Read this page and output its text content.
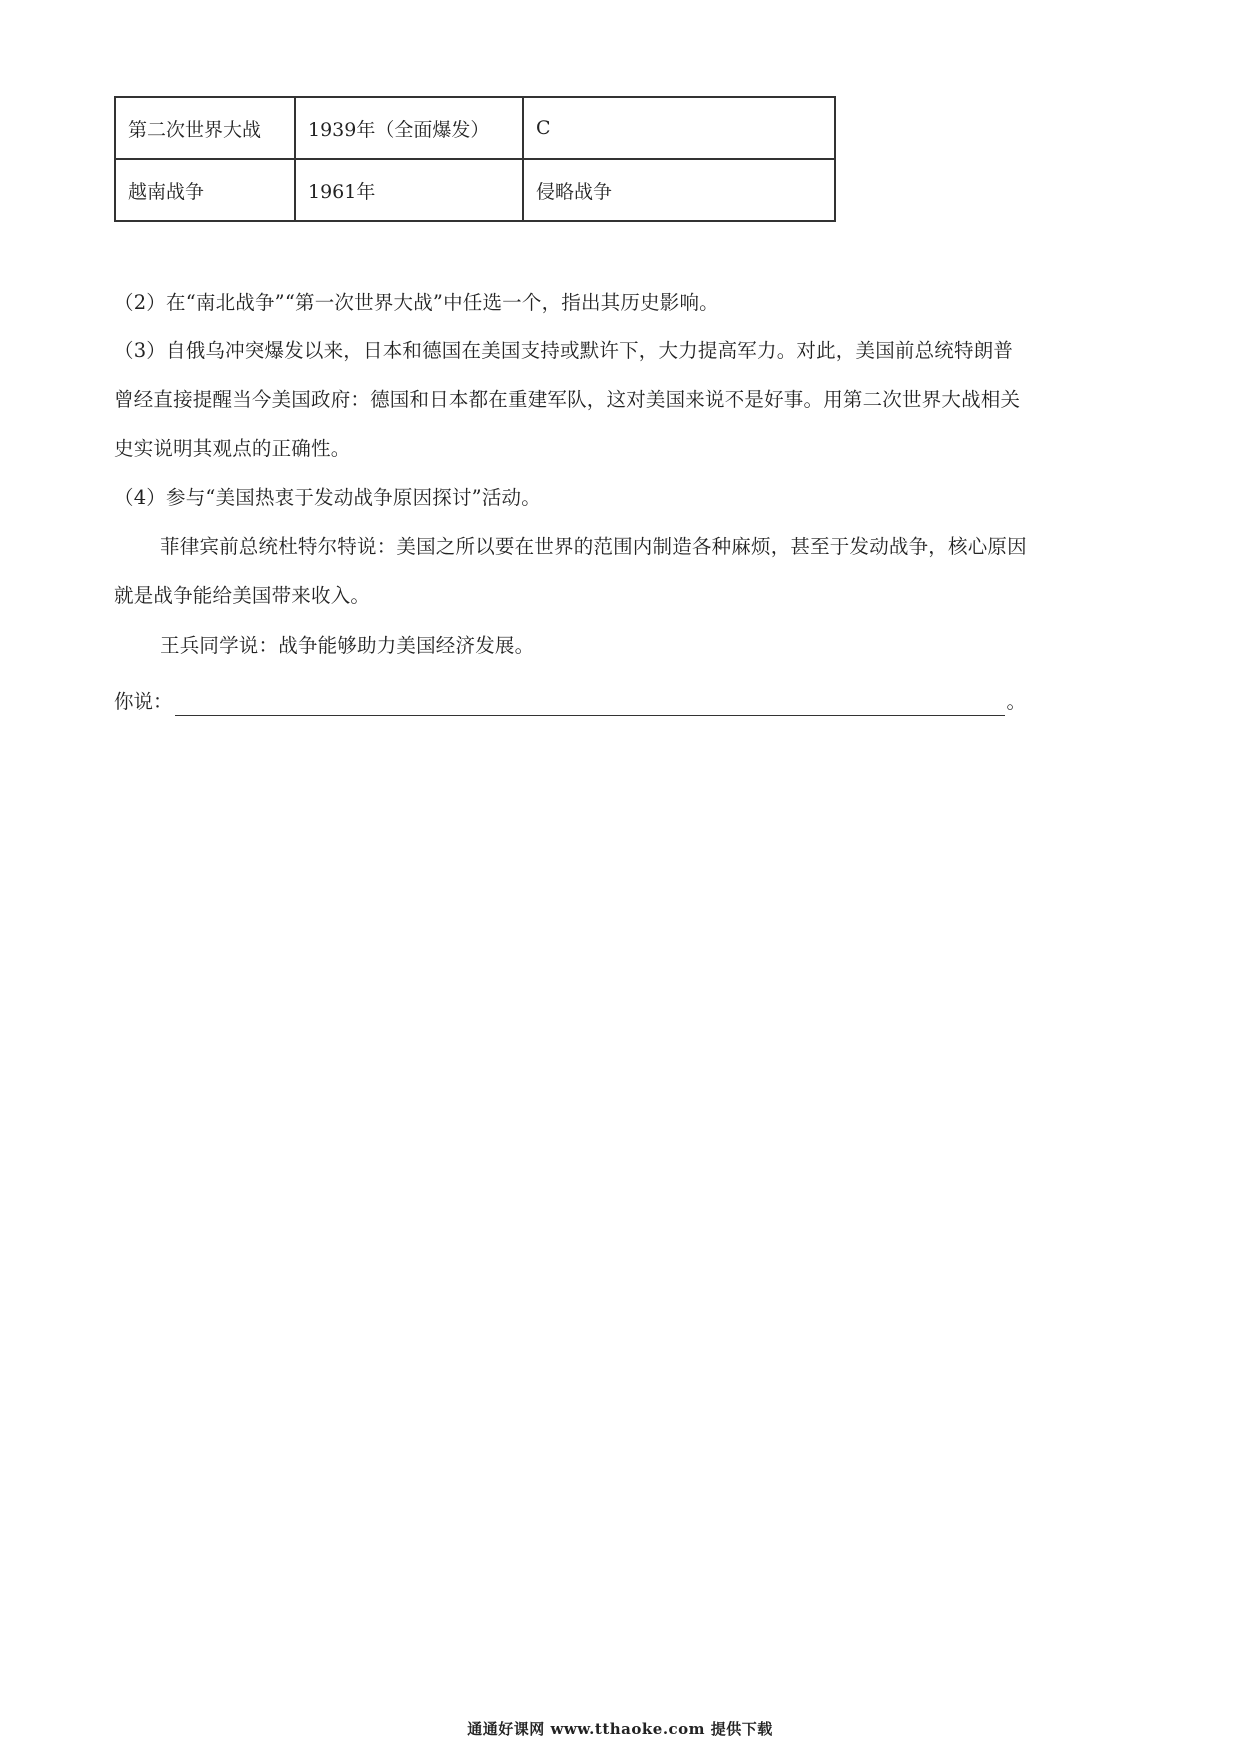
第二次世界大战	1939年（全面爆发）	C
越南战争	1961年	侵略战争
（2）在“南北战争”“第一次世界大战”中任选一个，指出其历史影响。
（3）自俄乌冲突爆发以来，日本和德国在美国支持或默许下，大力提高军力。对此，美国前总统特朗普
曾经直接提醒当今美国政府：德国和日本都在重建军队，这对美国来说不是好事。用第二次世界大战相关
史实说明其观点的正确性。
（4）参与“美国热衷于发动战争原因探讨”活动。
菲律宾前总统杜特尔特说：美国之所以要在世界的范围内制造各种麻烦，甚至于发动战争，核心原因
就是战争能给美国带来收入。
王兵同学说：战争能够助力美国经济发展。
你说：	。
通通好课网 www.tthaoke.com 提供下载
